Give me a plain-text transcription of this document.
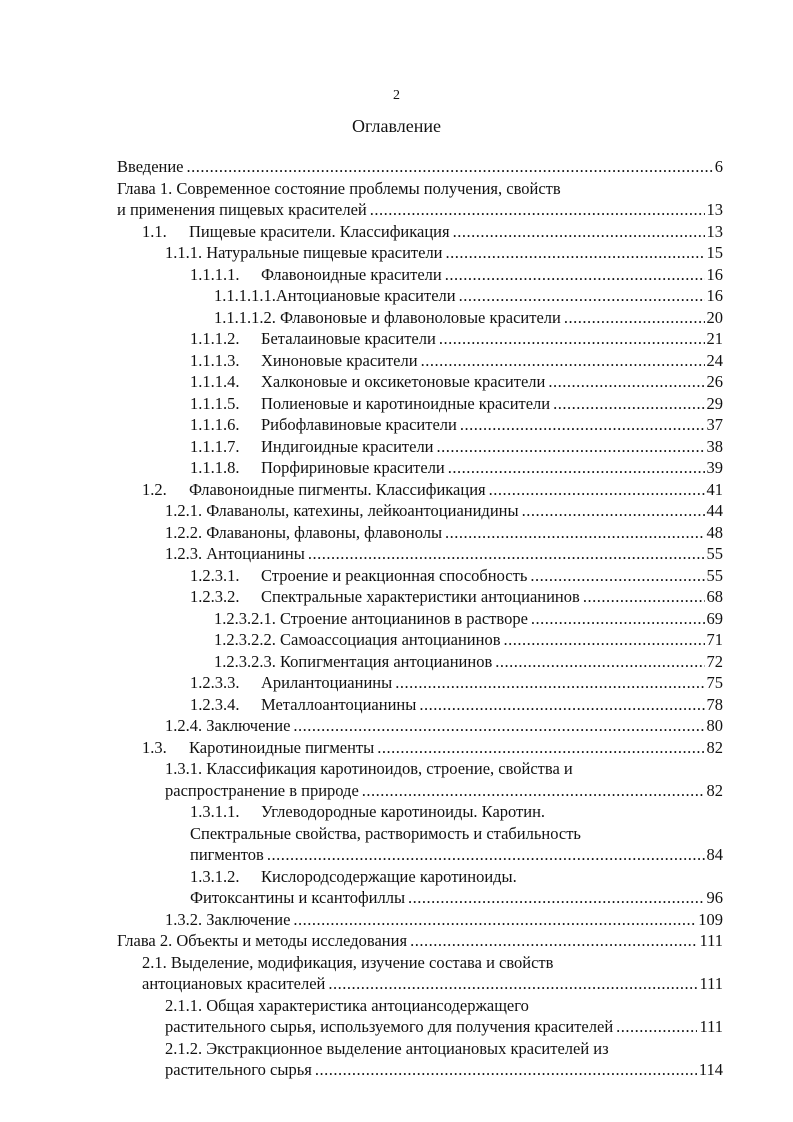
2
Оглавление
Введение .....	6
Глава 1. Современное состояние проблемы получения, свойств
и применения пищевых красителей .....	13
1.1.	Пищевые красители. Классификация .....	13
1.1.1. Натуральные пищевые красители .....	15
1.1.1.1.	Флавоноидные красители .....	16
1.1.1.1.1.Антоциановые красители .....	16
1.1.1.1.2. Флавоновые и флавоноловые красители .....	20
1.1.1.2.	Беталаиновые красители .....	21
1.1.1.3.	Хиноновые красители .....	24
1.1.1.4.	Халконовые и оксикетоновые красители .....	26
1.1.1.5.	Полиеновые и каротиноидные красители .....	29
1.1.1.6.	Рибофлавиновые красители .....	37
1.1.1.7.	Индигоидные красители .....	38
1.1.1.8.	Порфириновые красители .....	39
1.2.	Флавоноидные пигменты. Классификация .....	41
1.2.1. Флаванолы, катехины, лейкоантоцианидины .....	44
1.2.2. Флаваноны, флавоны, флавонолы .....	48
1.2.3. Антоцианины .....	55
1.2.3.1.	Строение и реакционная способность .....	55
1.2.3.2.	Спектральные характеристики антоцианинов .....	68
1.2.3.2.1. Строение антоцианинов в растворе .....	69
1.2.3.2.2. Самоассоциация антоцианинов .....	71
1.2.3.2.3. Копигментация антоцианинов .....	72
1.2.3.3.	Арилантоцианины .....	75
1.2.3.4.	Металлоантоцианины .....	78
1.2.4. Заключение .....	80
1.3.	Каротиноидные пигменты .....	82
1.3.1. Классификация каротиноидов, строение, свойства и
распространение в природе .....	82
1.3.1.1.	Углеводородные каротиноиды. Каротин.
Спектральные свойства, растворимость и стабильность
пигментов .....	84
1.3.1.2.	Кислородсодержащие каротиноиды.
Фитоксантины и ксантофиллы .....	96
1.3.2. Заключение .....	109
Глава 2. Объекты и методы исследования .....	111
2.1. Выделение, модификация, изучение состава и свойств
антоциановых красителей .....	111
2.1.1. Общая характеристика антоциансодержащего
растительного сырья, используемого для получения красителей .....	111
2.1.2. Экстракционное выделение антоциановых красителей из
растительного сырья .....	114
